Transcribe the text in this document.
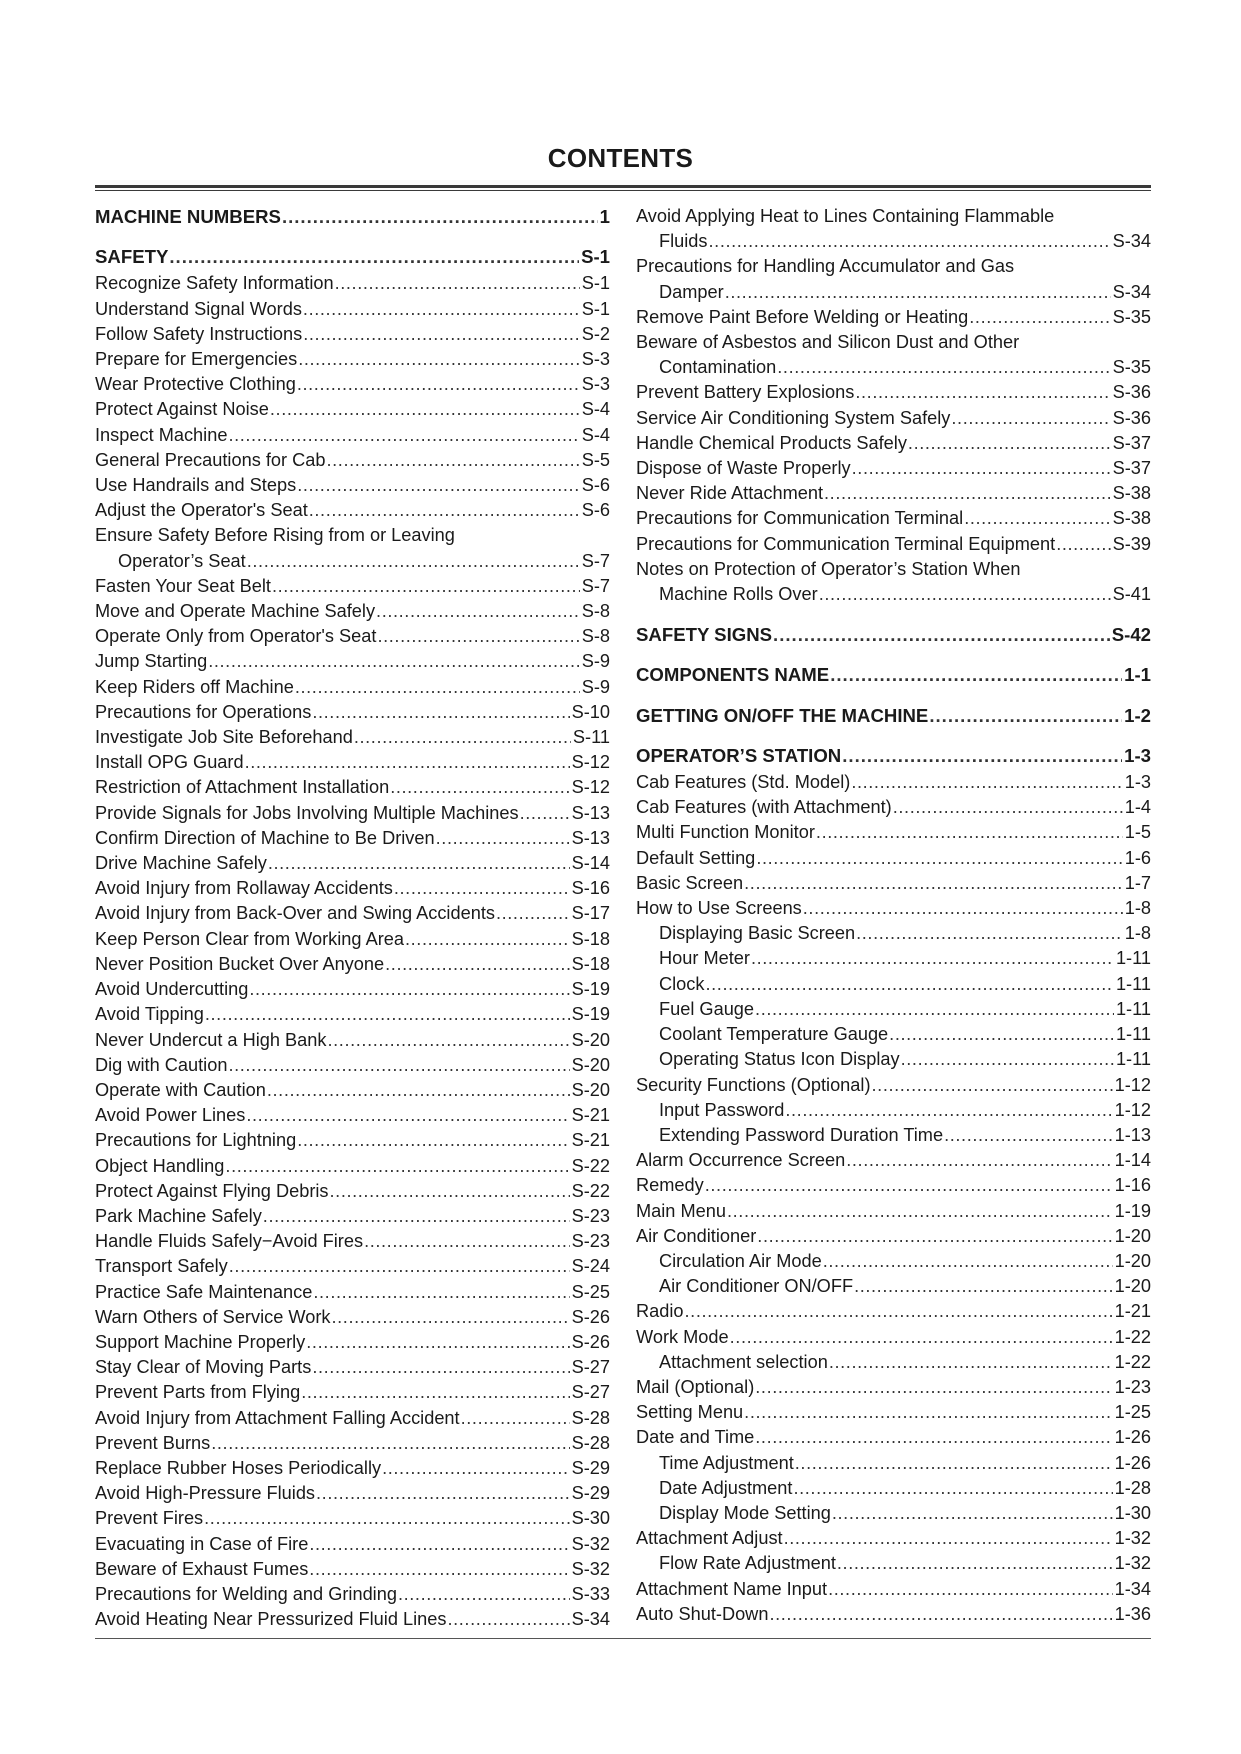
CONTENTS
MACHINE NUMBERS .....	1
SAFETY .....	S-1
Recognize Safety Information .....	S-1
Understand Signal Words .....	S-1
Follow Safety Instructions .....	S-2
Prepare for Emergencies .....	S-3
Wear Protective Clothing .....	S-3
Protect Against Noise .....	S-4
Inspect Machine .....	S-4
General Precautions for Cab .....	S-5
Use Handrails and Steps .....	S-6
Adjust the Operator's Seat .....	S-6
Ensure Safety Before Rising from or Leaving
Operator’s Seat .....	S-7
Fasten Your Seat Belt .....	S-7
Move and Operate Machine Safely .....	S-8
Operate Only from Operator's Seat .....	S-8
Jump Starting .....	S-9
Keep Riders off Machine .....	S-9
Precautions for Operations .....	S-10
Investigate Job Site Beforehand .....	S-11
Install OPG Guard .....	S-12
Restriction of Attachment Installation .....	S-12
Provide Signals for Jobs Involving Multiple Machines .....	S-13
Confirm Direction of Machine to Be Driven .....	S-13
Drive Machine Safely .....	S-14
Avoid Injury from Rollaway Accidents .....	S-16
Avoid Injury from Back-Over and Swing Accidents .....	S-17
Keep Person Clear from Working Area .....	S-18
Never Position Bucket Over Anyone .....	S-18
Avoid Undercutting .....	S-19
Avoid Tipping .....	S-19
Never Undercut a High Bank .....	S-20
Dig with Caution .....	S-20
Operate with Caution .....	S-20
Avoid Power Lines .....	S-21
Precautions for Lightning .....	S-21
Object Handling .....	S-22
Protect Against Flying Debris .....	S-22
Park Machine Safely .....	S-23
Handle Fluids Safely−Avoid Fires .....	S-23
Transport Safely .....	S-24
Practice Safe Maintenance .....	S-25
Warn Others of Service Work .....	S-26
Support Machine Properly .....	S-26
Stay Clear of Moving Parts .....	S-27
Prevent Parts from Flying .....	S-27
Avoid Injury from Attachment Falling Accident .....	S-28
Prevent Burns .....	S-28
Replace Rubber Hoses Periodically .....	S-29
Avoid High-Pressure Fluids .....	S-29
Prevent Fires .....	S-30
Evacuating in Case of Fire .....	S-32
Beware of Exhaust Fumes .....	S-32
Precautions for Welding and Grinding .....	S-33
Avoid Heating Near Pressurized Fluid Lines .....	S-34
Avoid Applying Heat to Lines Containing Flammable
Fluids .....	S-34
Precautions for Handling Accumulator and Gas
Damper .....	S-34
Remove Paint Before Welding or Heating .....	S-35
Beware of Asbestos and Silicon Dust and Other
Contamination .....	S-35
Prevent Battery Explosions .....	S-36
Service Air Conditioning System Safely .....	S-36
Handle Chemical Products Safely .....	S-37
Dispose of Waste Properly .....	S-37
Never Ride Attachment .....	S-38
Precautions for Communication Terminal .....	S-38
Precautions for Communication Terminal Equipment .....	S-39
Notes on Protection of Operator’s Station When
Machine Rolls Over .....	S-41
SAFETY SIGNS .....	S-42
COMPONENTS NAME .....	1-1
GETTING ON/OFF THE MACHINE .....	1-2
OPERATOR’S STATION .....	1-3
Cab Features (Std. Model) .....	1-3
Cab Features (with Attachment) .....	1-4
Multi Function Monitor .....	1-5
Default Setting .....	1-6
Basic Screen .....	1-7
How to Use Screens .....	1-8
Displaying Basic Screen .....	1-8
Hour Meter .....	1-11
Clock .....	1-11
Fuel Gauge .....	1-11
Coolant Temperature Gauge .....	1-11
Operating Status Icon Display .....	1-11
Security Functions (Optional) .....	1-12
Input Password .....	1-12
Extending Password Duration Time .....	1-13
Alarm Occurrence Screen .....	1-14
Remedy .....	1-16
Main Menu .....	1-19
Air Conditioner .....	1-20
Circulation Air Mode .....	1-20
Air Conditioner ON/OFF .....	1-20
Radio .....	1-21
Work Mode .....	1-22
Attachment selection .....	1-22
Mail (Optional) .....	1-23
Setting Menu .....	1-25
Date and Time .....	1-26
Time Adjustment .....	1-26
Date Adjustment .....	1-28
Display Mode Setting .....	1-30
Attachment Adjust .....	1-32
Flow Rate Adjustment .....	1-32
Attachment Name Input .....	1-34
Auto Shut-Down .....	1-36
